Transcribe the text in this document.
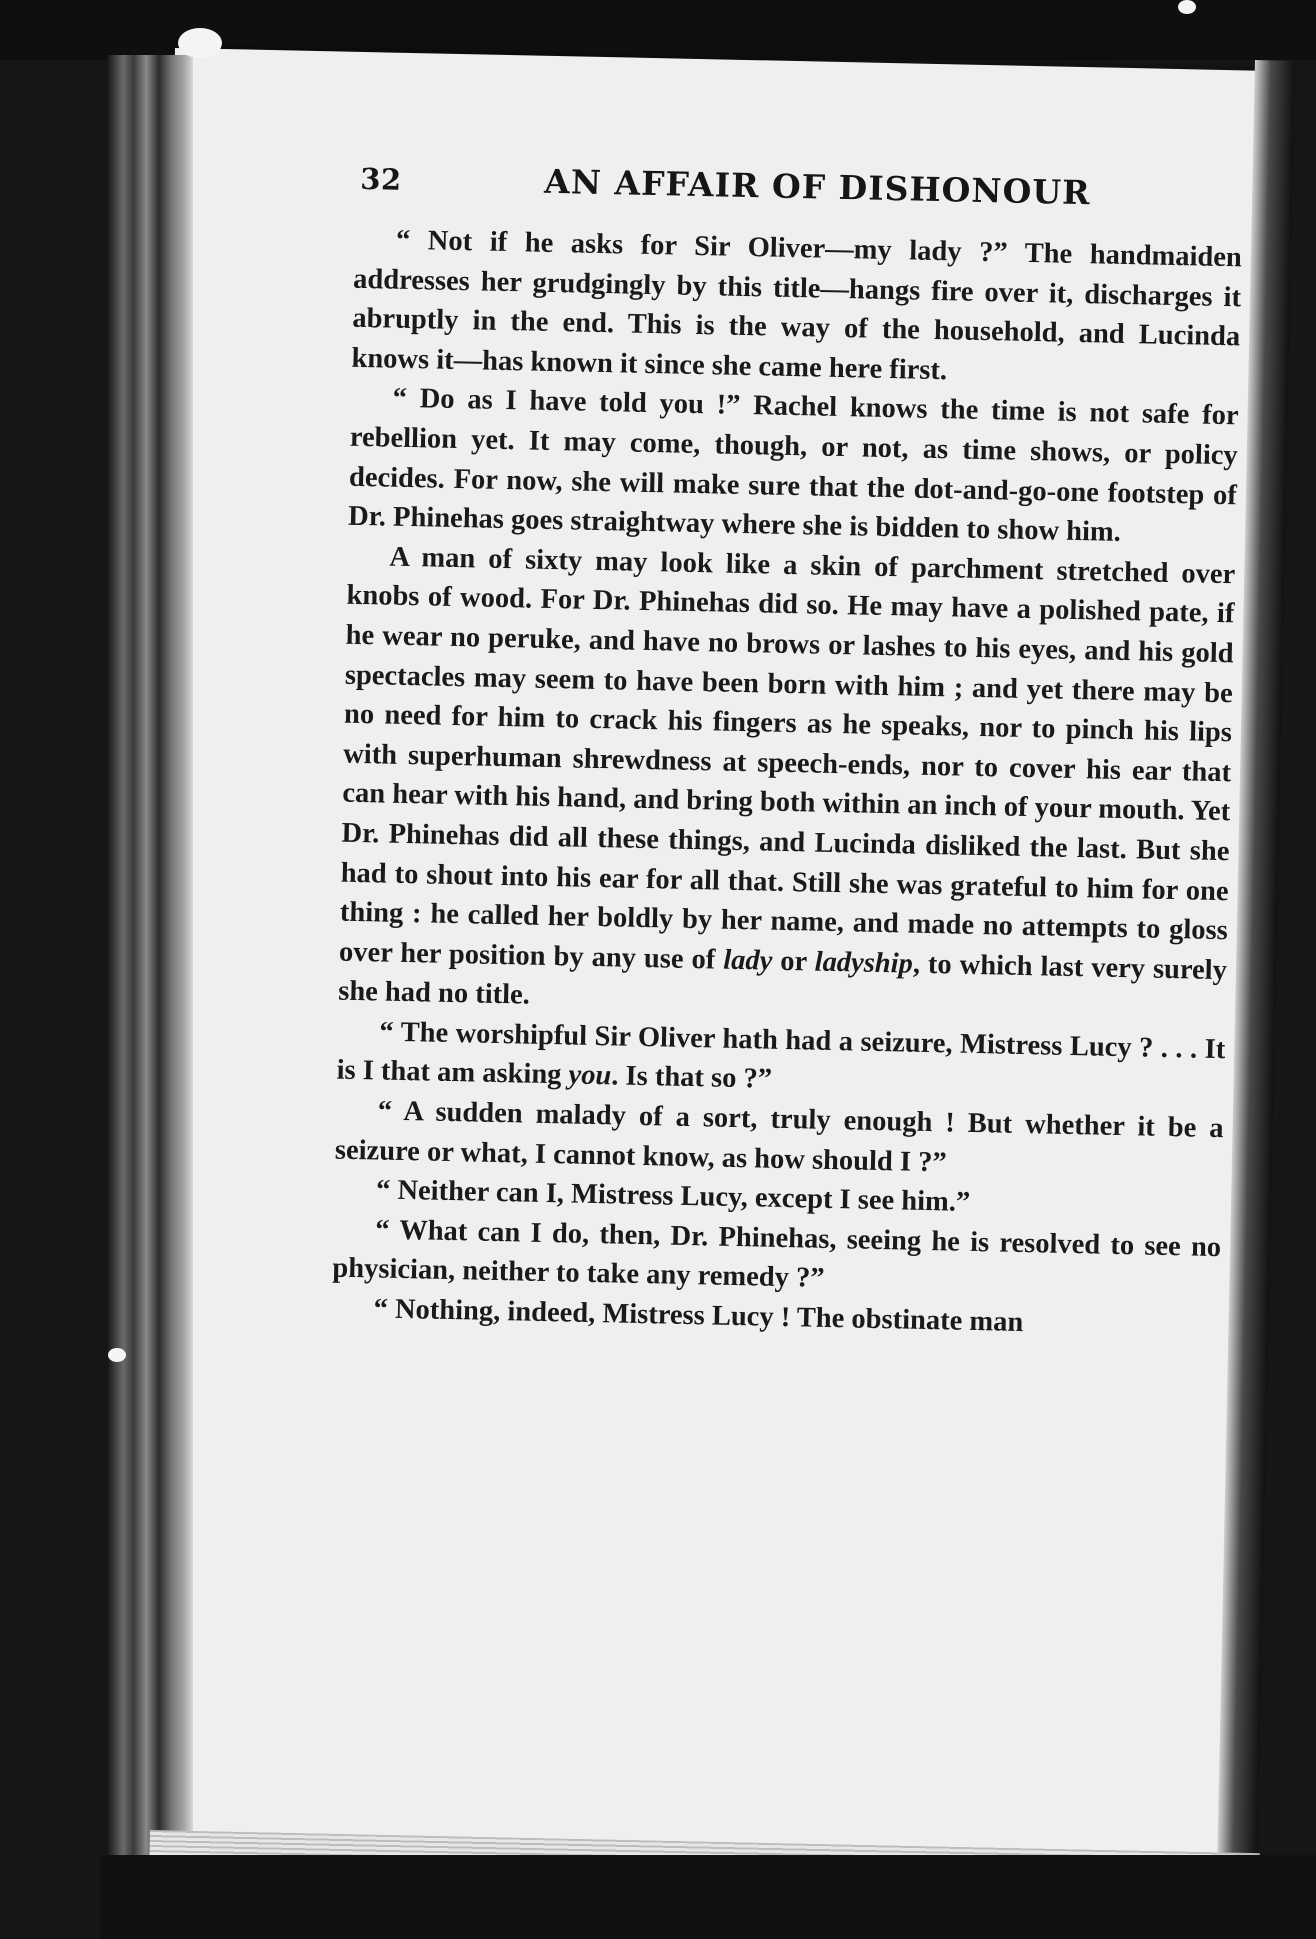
32	AN AFFAIR OF DISHONOUR

“ Not if he asks for Sir Oliver—my lady ?” The handmaiden addresses her grudgingly by this title—hangs fire over it, discharges it abruptly in the end. This is the way of the household, and Lucinda knows it—has known it since she came here first.

“ Do as I have told you !” Rachel knows the time is not safe for rebellion yet. It may come, though, or not, as time shows, or policy decides. For now, she will make sure that the dot-and-go-one footstep of Dr. Phinehas goes straightway where she is bidden to show him.

A man of sixty may look like a skin of parchment stretched over knobs of wood. For Dr. Phinehas did so. He may have a polished pate, if he wear no peruke, and have no brows or lashes to his eyes, and his gold spectacles may seem to have been born with him ; and yet there may be no need for him to crack his fingers as he speaks, nor to pinch his lips with superhuman shrewdness at speech-ends, nor to cover his ear that can hear with his hand, and bring both within an inch of your mouth. Yet Dr. Phinehas did all these things, and Lucinda disliked the last. But she had to shout into his ear for all that. Still she was grateful to him for one thing : he called her boldly by her name, and made no attempts to gloss over her position by any use of lady or ladyship, to which last very surely she had no title.

“ The worshipful Sir Oliver hath had a seizure, Mistress Lucy ? . . . It is I that am asking you. Is that so ?”

“ A sudden malady of a sort, truly enough ! But whether it be a seizure or what, I cannot know, as how should I ?”

“ Neither can I, Mistress Lucy, except I see him.”

“ What can I do, then, Dr. Phinehas, seeing he is resolved to see no physician, neither to take any remedy ?”

“ Nothing, indeed, Mistress Lucy ! The obstinate man
